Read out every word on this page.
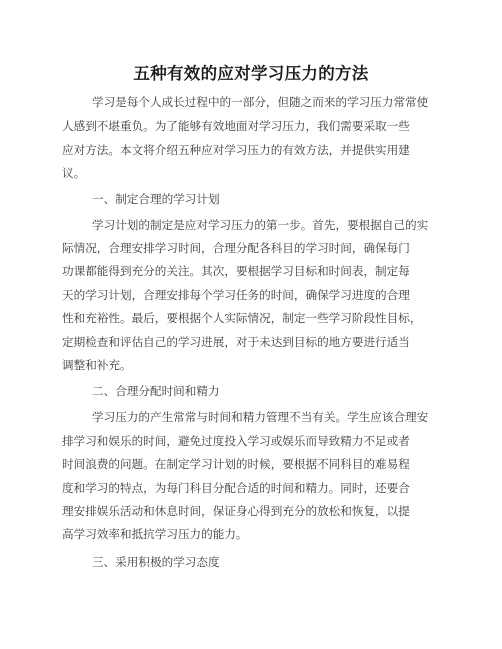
五种有效的应对学习压力的方法
学习是每个人成长过程中的一部分，但随之而来的学习压力常常使
人感到不堪重负。为了能够有效地面对学习压力，我们需要采取一些
应对方法。本文将介绍五种应对学习压力的有效方法，并提供实用建
议。
一、制定合理的学习计划
学习计划的制定是应对学习压力的第一步。首先，要根据自己的实
际情况，合理安排学习时间，合理分配各科目的学习时间，确保每门
功课都能得到充分的关注。其次，要根据学习目标和时间表，制定每
天的学习计划，合理安排每个学习任务的时间，确保学习进度的合理
性和充裕性。最后，要根据个人实际情况，制定一些学习阶段性目标，
定期检查和评估自己的学习进展，对于未达到目标的地方要进行适当
调整和补充。
二、合理分配时间和精力
学习压力的产生常常与时间和精力管理不当有关。学生应该合理安
排学习和娱乐的时间，避免过度投入学习或娱乐而导致精力不足或者
时间浪费的问题。在制定学习计划的时候，要根据不同科目的难易程
度和学习的特点，为每门科目分配合适的时间和精力。同时，还要合
理安排娱乐活动和休息时间，保证身心得到充分的放松和恢复，以提
高学习效率和抵抗学习压力的能力。
三、采用积极的学习态度
